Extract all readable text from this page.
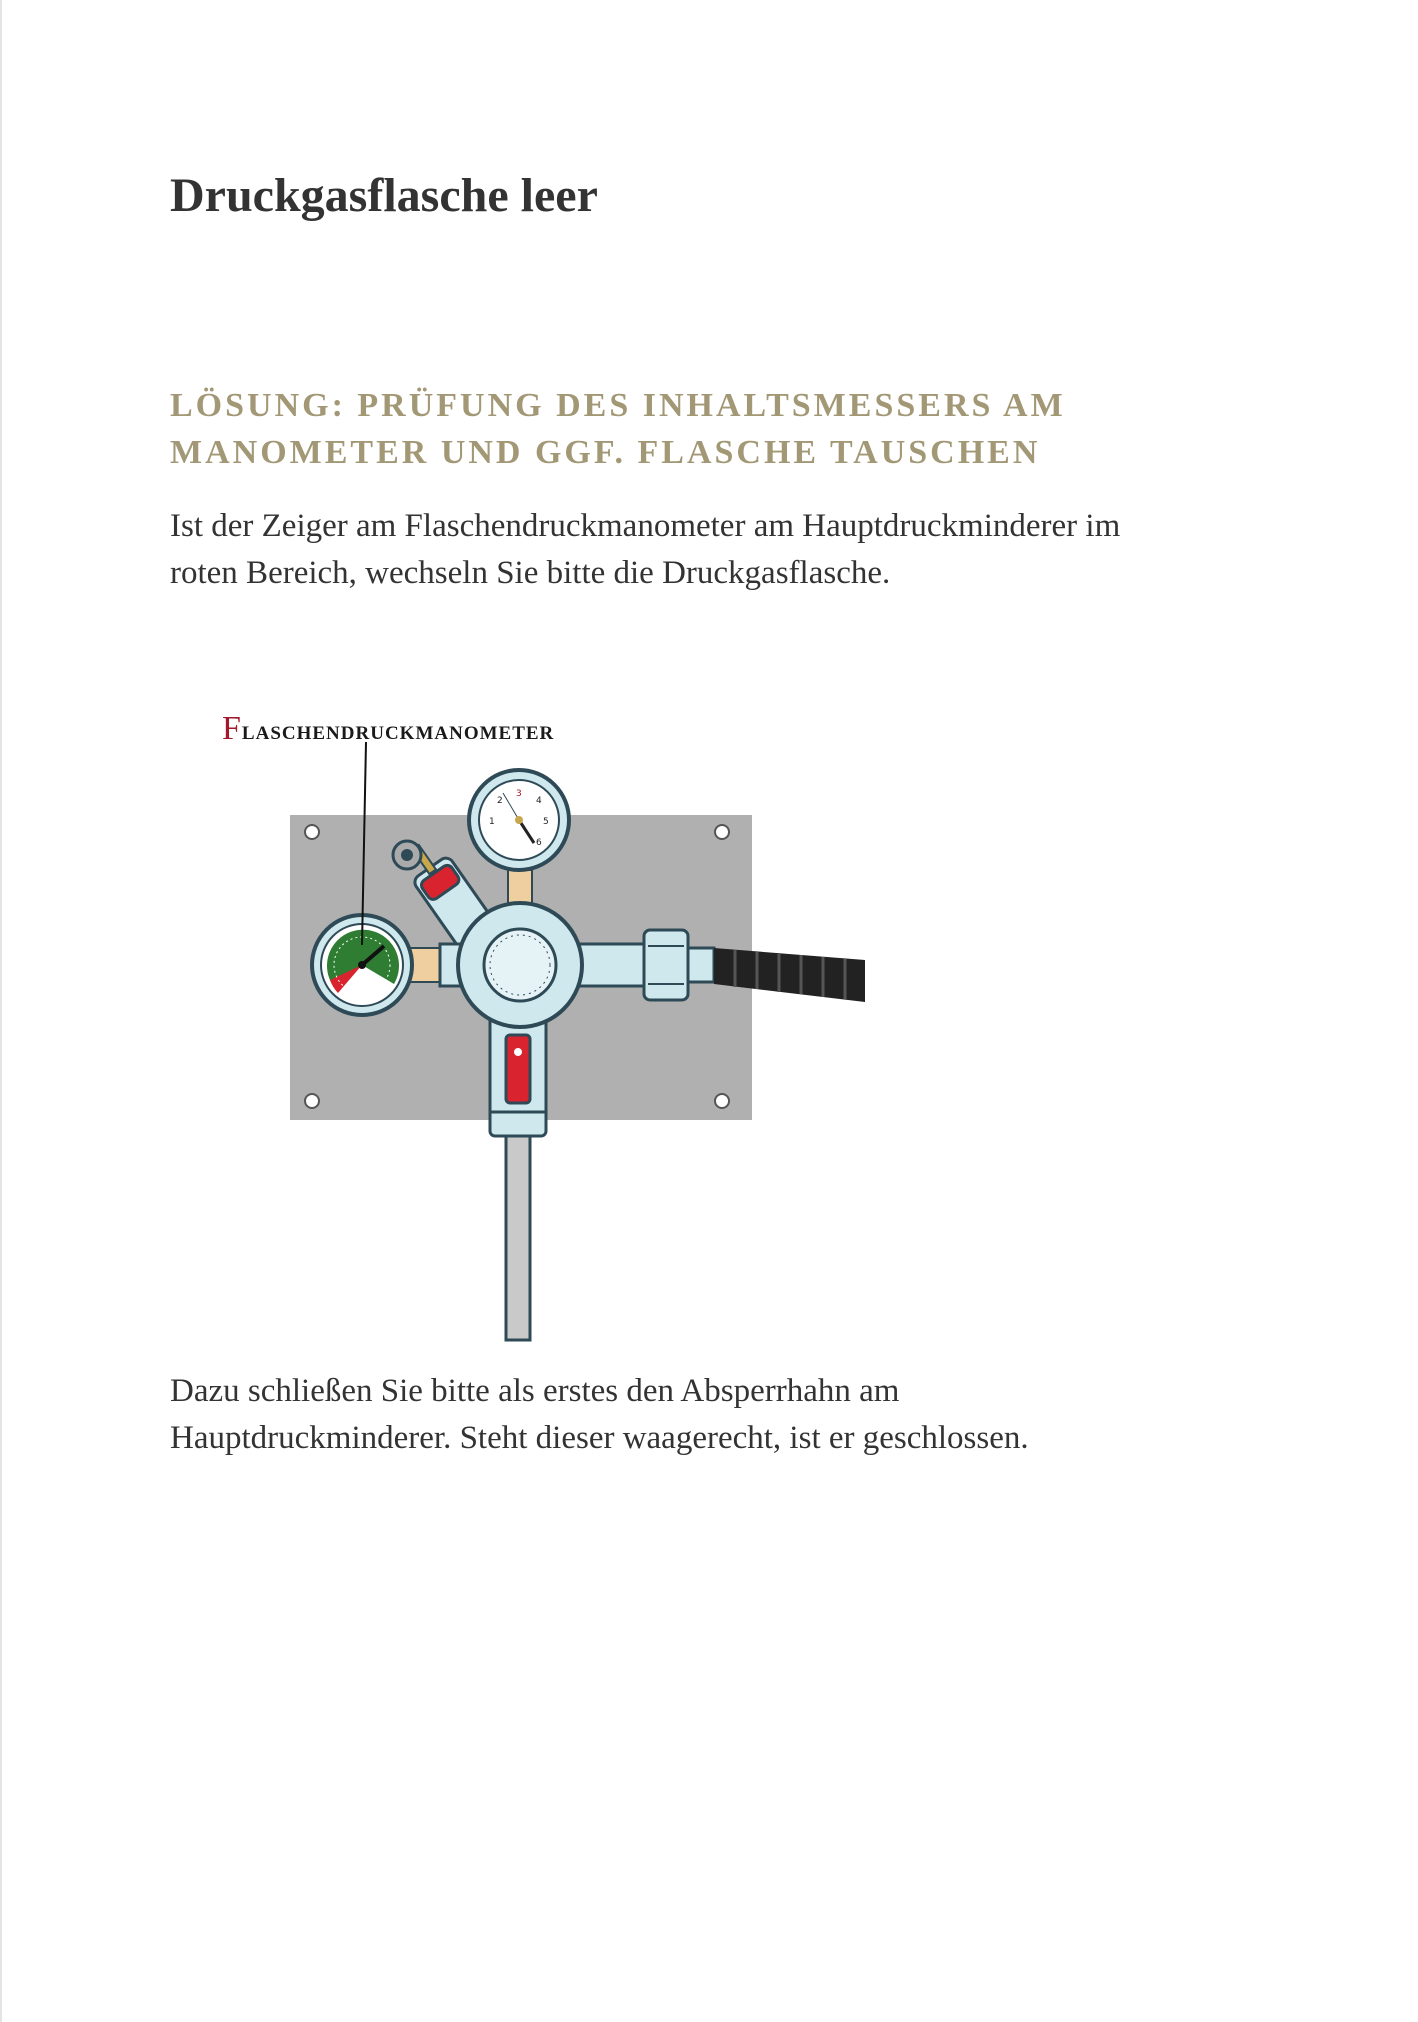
Druckgasflasche leer
LÖSUNG: PRÜFUNG DES INHALTSMESSERS AM
MANOMETER UND GGF. FLASCHE TAUSCHEN

Ist der Zeiger am Flaschendruckmanometer am Hauptdruckminderer im
roten Bereich, wechseln Sie bitte die Druckgasflasche.

Flaschendruckmanometer
1
2
3
4
5
6

Dazu schließen Sie bitte als erstes den Absperrhahn am
Hauptdruckminderer. Steht dieser waagerecht, ist er geschlossen.
